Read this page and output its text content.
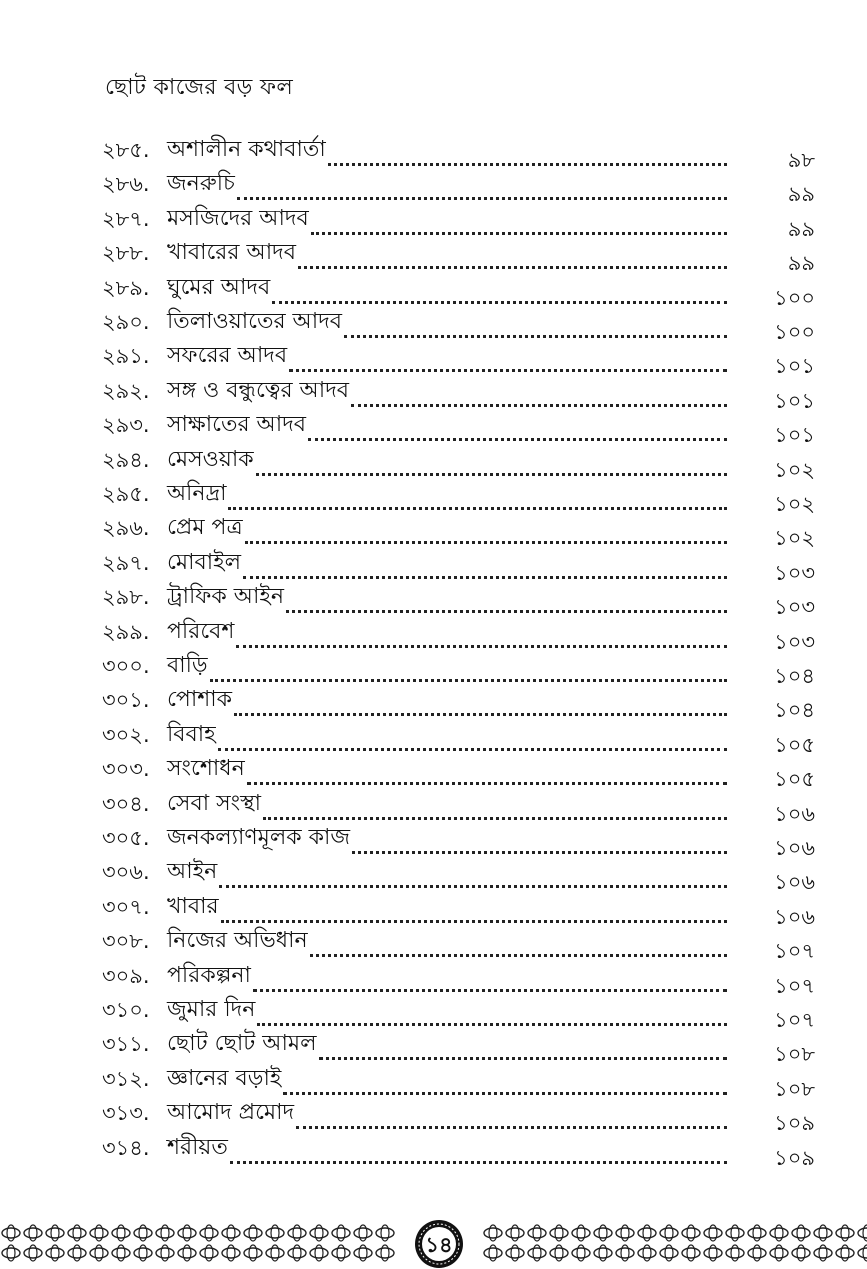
ছোট কাজের বড় ফল
২৮৫. অশালীন কথাবার্তা	৯৮
২৮৬. জনরুচি	৯৯
২৮৭. মসজিদের আদব	৯৯
২৮৮. খাবারের আদব	৯৯
২৮৯. ঘুমের আদব	১০০
২৯০. তিলাওয়াতের আদব	১০০
২৯১. সফরের আদব	১০১
২৯২. সঙ্গ ও বন্ধুত্বের আদব	১০১
২৯৩. সাক্ষাতের আদব	১০১
২৯৪. মেসওয়াক	১০২
২৯৫. অনিদ্রা	১০২
২৯৬. প্রেম পত্র	১০২
২৯৭. মোবাইল	১০৩
২৯৮. ট্রাফিক আইন	১০৩
২৯৯. পরিবেশ	১০৩
৩০০. বাড়ি	১০৪
৩০১. পোশাক	১০৪
৩০২. বিবাহ	১০৫
৩০৩. সংশোধন	১০৫
৩০৪. সেবা সংস্থা	১০৬
৩০৫. জনকল্যাণমূলক কাজ	১০৬
৩০৬. আইন	১০৬
৩০৭. খাবার	১০৬
৩০৮. নিজের অভিধান	১০৭
৩০৯. পরিকল্পনা	১০৭
৩১০. জুমার দিন	১০৭
৩১১. ছোট ছোট আমল	১০৮
৩১২. জ্ঞানের বড়াই	১০৮
৩১৩. আমোদ প্রমোদ	১০৯
৩১৪. শরীয়ত	১০৯
১৪
